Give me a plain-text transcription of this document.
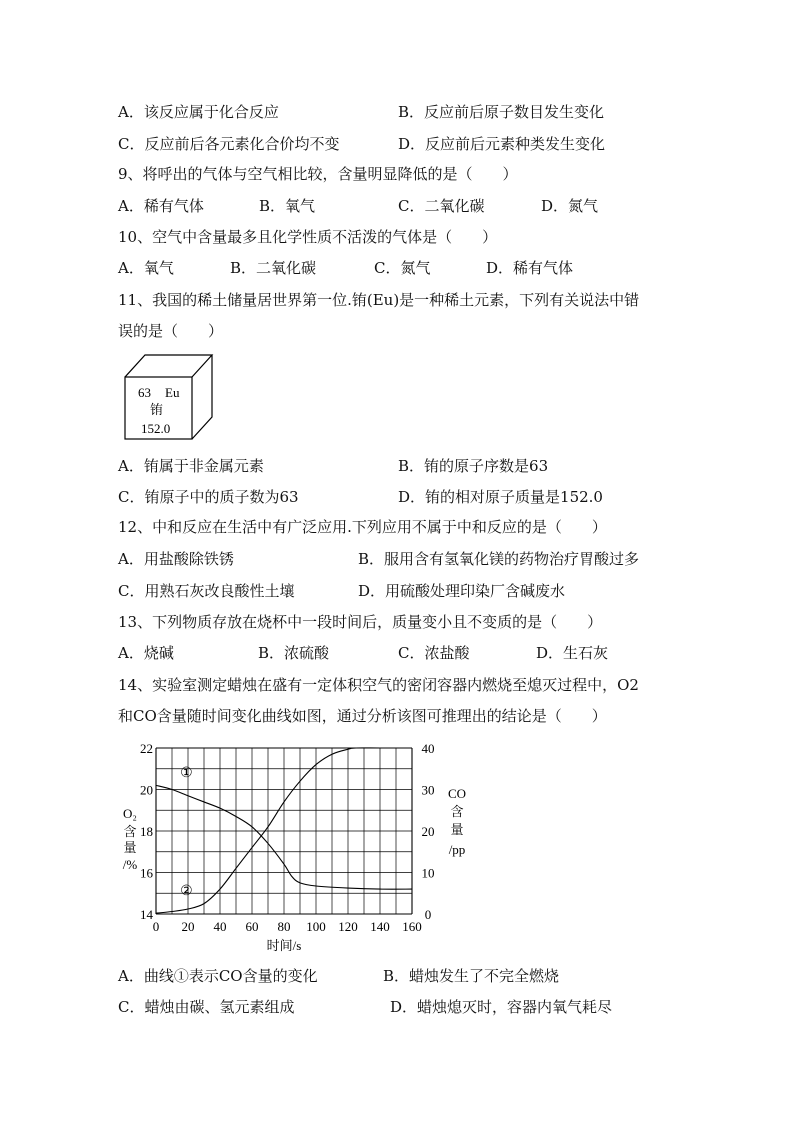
A．该反应属于化合反应	B．反应前后原子数目发生变化
C．反应前后各元素化合价均不变	D．反应前后元素种类发生变化
9、将呼出的气体与空气相比较，含量明显降低的是（　　）
A．稀有气体	B．氧气	C．二氧化碳	D．氮气
10、空气中含量最多且化学性质不活泼的气体是（　　）
A．氧气	B．二氧化碳	C．氮气	D．稀有气体
11、我国的稀土储量居世界第一位.铕(Eu)是一种稀土元素，下列有关说法中错
误的是（　　）
63 Eu
铕
152.0
A．铕属于非金属元素	B．铕的原子序数是63
C．铕原子中的质子数为63	D．铕的相对原子质量是152.0
12、中和反应在生活中有广泛应用.下列应用不属于中和反应的是（　　）
A．用盐酸除铁锈	B．服用含有氢氧化镁的药物治疗胃酸过多
C．用熟石灰改良酸性土壤	D．用硫酸处理印染厂含碱废水
13、下列物质存放在烧杯中一段时间后，质量变小且不变质的是（　　）
A．烧碱	B．浓硫酸	C．浓盐酸	D．生石灰
14、实验室测定蜡烛在盛有一定体积空气的密闭容器内燃烧至熄灭过程中，O2
和CO含量随时间变化曲线如图，通过分析该图可推理出的结论是（　　）
0 20 40 60 80 100 120 140 160
14
16
18
20
22
0
10
20
30
40
时间/s
O₂
含
量
/%
CO
含
量
/pp
①
②
A．曲线①表示CO含量的变化	B．蜡烛发生了不完全燃烧
C．蜡烛由碳、氢元素组成	D．蜡烛熄灭时，容器内氧气耗尽
